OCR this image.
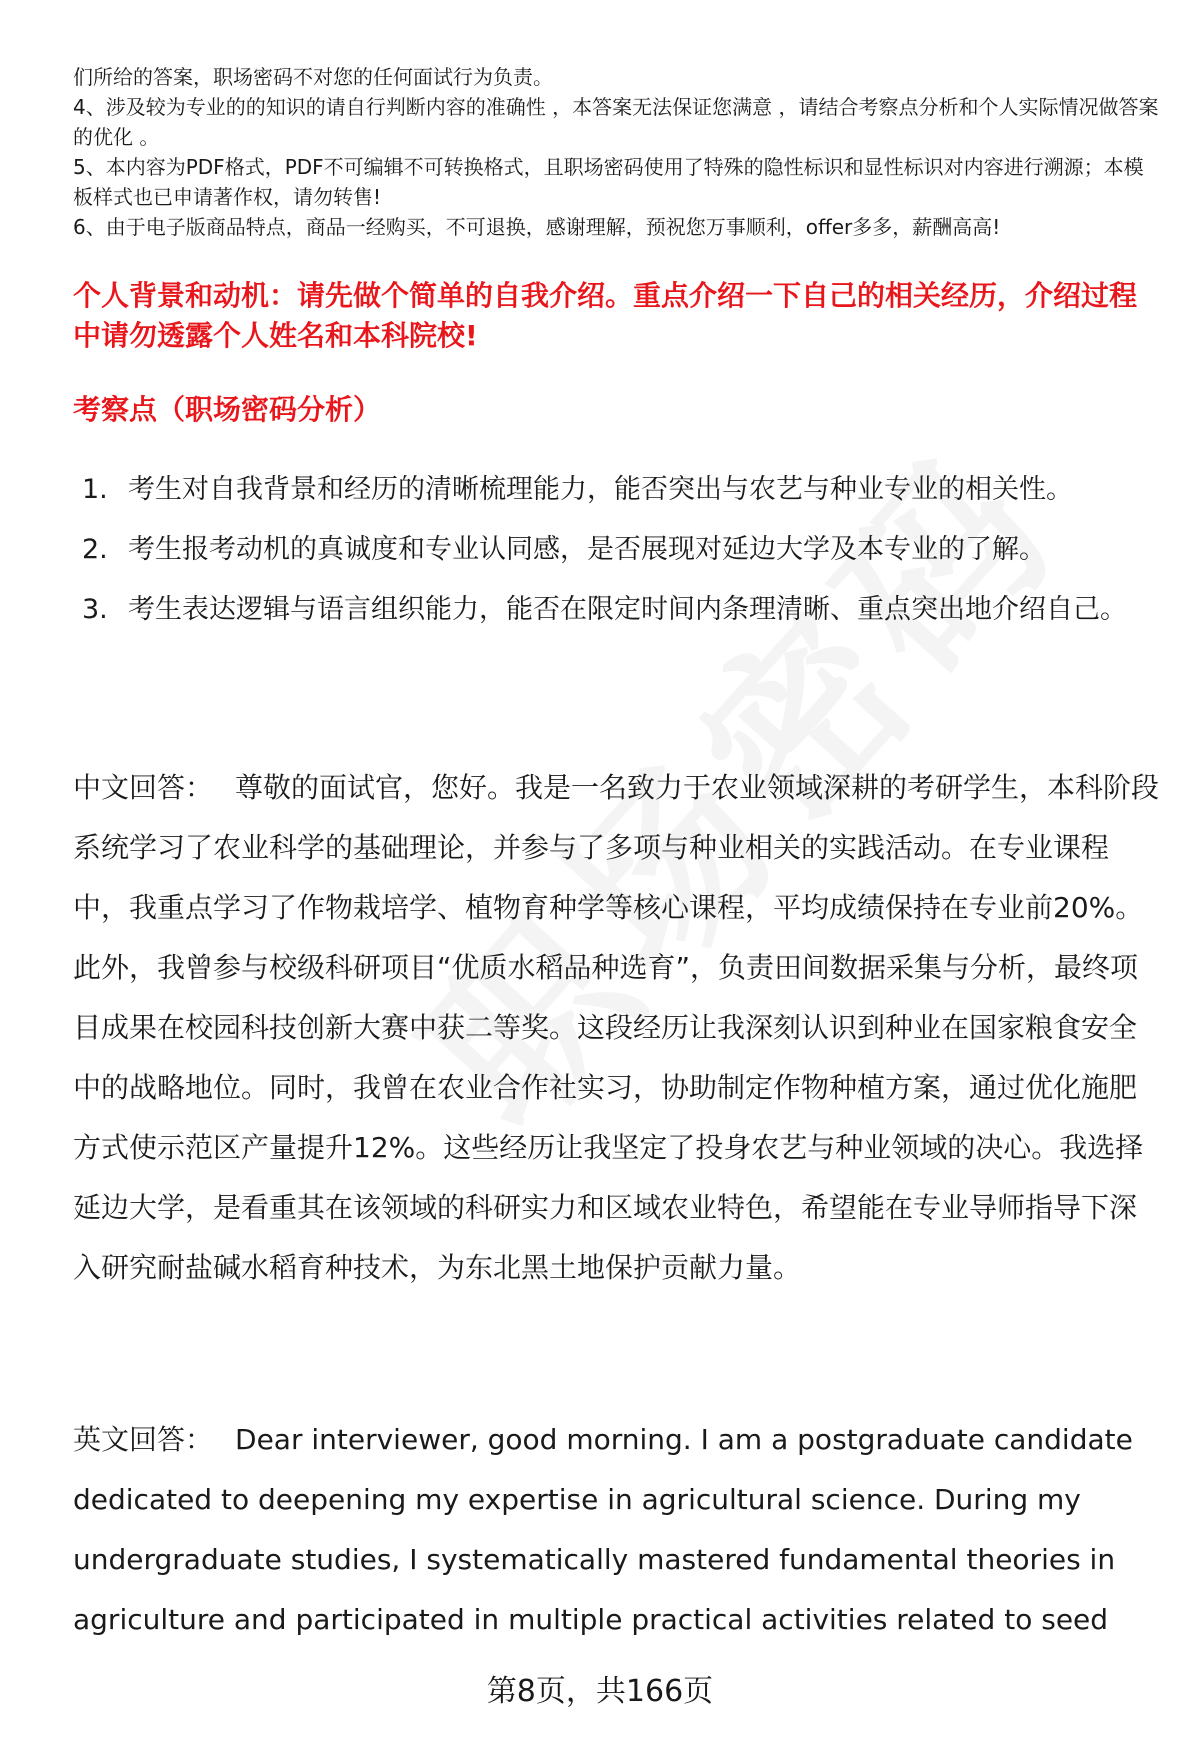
们所给的答案，职场密码不对您的任何面试行为负责。

4、涉及较为专业的的知识的请自行判断内容的准确性 ，本答案无法保证您满意 ，请结合考察点分析和个人实际情况做答案的优化 。

5、本内容为PDF格式，PDF不可编辑不可转换格式，且职场密码使用了特殊的隐性标识和显性标识对内容进行溯源；本模板样式也已申请著作权，请勿转售!

6、由于电子版商品特点，商品一经购买，不可退换，感谢理解，预祝您万事顺利，offer多多，薪酬高高!

个人背景和动机：请先做个简单的自我介绍。重点介绍一下自己的相关经历，介绍过程中请勿透露个人姓名和本科院校!
考察点（职场密码分析）
1. 考生对自我背景和经历的清晰梳理能力，能否突出与农艺与种业专业的相关性。
2. 考生报考动机的真诚度和专业认同感，是否展现对延边大学及本专业的了解。
3. 考生表达逻辑与语言组织能力，能否在限定时间内条理清晰、重点突出地介绍自己。

中文回答： 尊敬的面试官，您好。我是一名致力于农业领域深耕的考研学生，本科阶段系统学习了农业科学的基础理论，并参与了多项与种业相关的实践活动。在专业课程中，我重点学习了作物栽培学、植物育种学等核心课程，平均成绩保持在专业前20%。此外，我曾参与校级科研项目“优质水稻品种选育”，负责田间数据采集与分析，最终项目成果在校园科技创新大赛中获二等奖。这段经历让我深刻认识到种业在国家粮食安全中的战略地位。同时，我曾在农业合作社实习，协助制定作物种植方案，通过优化施肥方式使示范区产量提升12%。这些经历让我坚定了投身农艺与种业领域的决心。我选择延边大学，是看重其在该领域的科研实力和区域农业特色，希望能在专业导师指导下深入研究耐盐碱水稻育种技术，为东北黑土地保护贡献力量。

英文回答： Dear interviewer, good morning. I am a postgraduate candidate dedicated to deepening my expertise in agricultural science. During my undergraduate studies, I systematically mastered fundamental theories in agriculture and participated in multiple practical activities related to seed

第8页，共166页
